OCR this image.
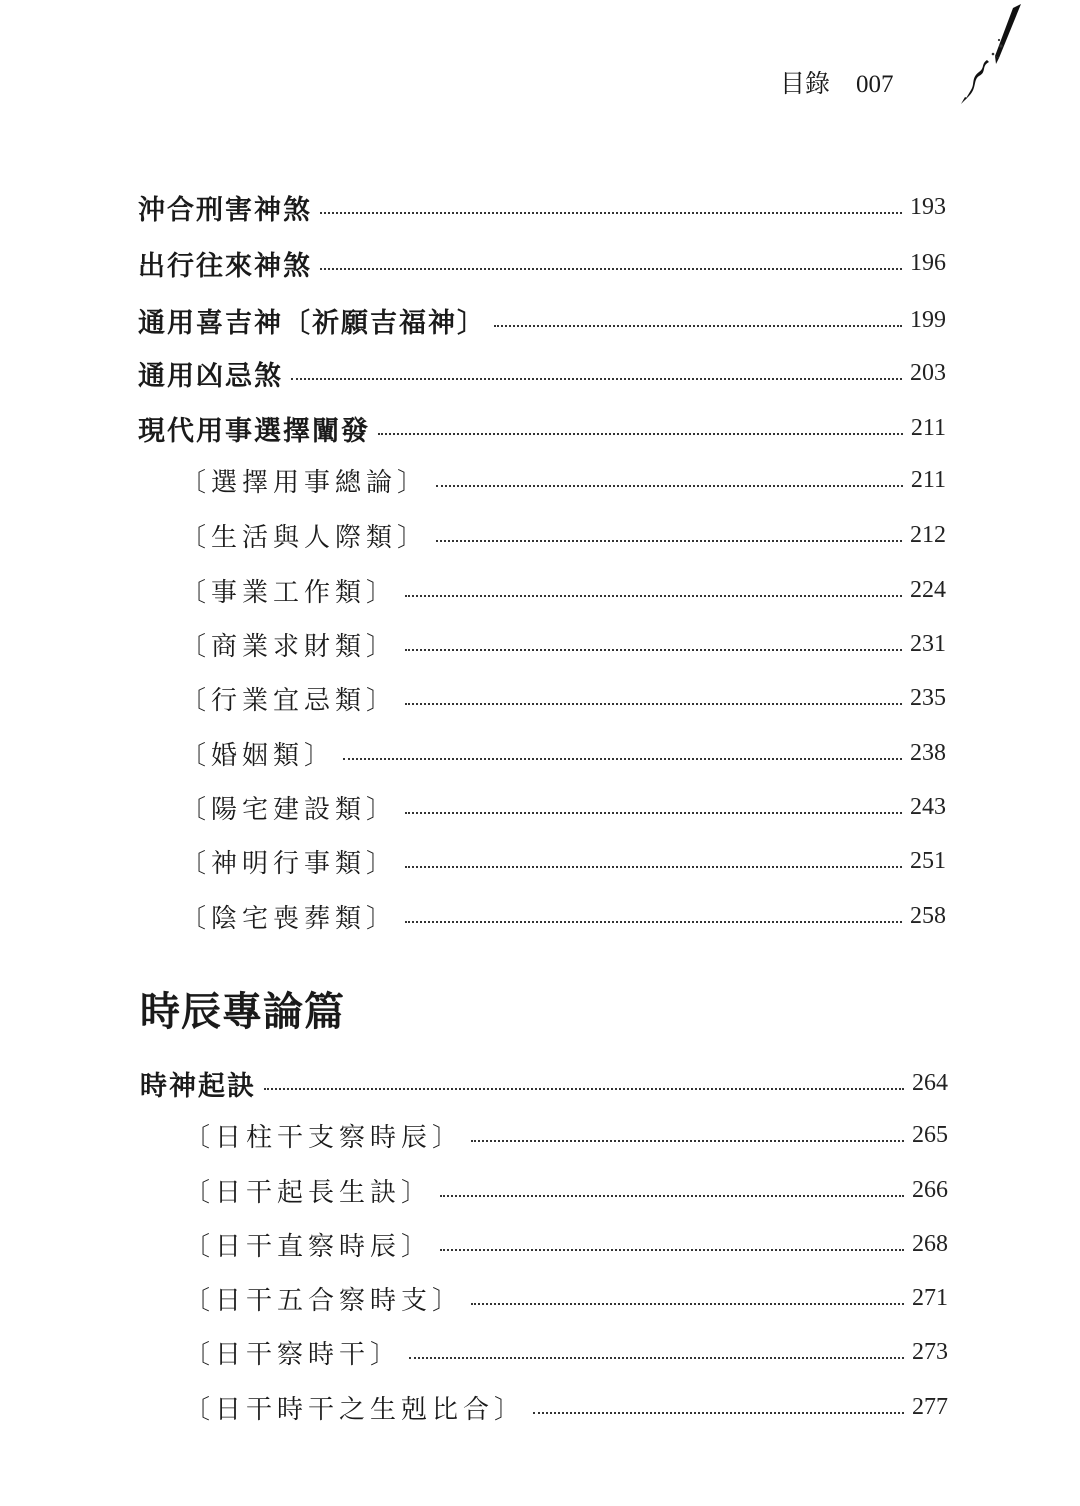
目錄 007
沖合刑害神煞	193
出行往來神煞	196
通用喜吉神〔祈願吉福神〕	199
通用凶忌煞	203
現代用事選擇闡發	211
〔選擇用事總論〕	211
〔生活與人際類〕	212
〔事業工作類〕	224
〔商業求財類〕	231
〔行業宜忌類〕	235
〔婚姻類〕	238
〔陽宅建設類〕	243
〔神明行事類〕	251
〔陰宅喪葬類〕	258
時辰專論篇
時神起訣	264
〔日柱干支察時辰〕	265
〔日干起長生訣〕	266
〔日干直察時辰〕	268
〔日干五合察時支〕	271
〔日干察時干〕	273
〔日干時干之生剋比合〕	277
